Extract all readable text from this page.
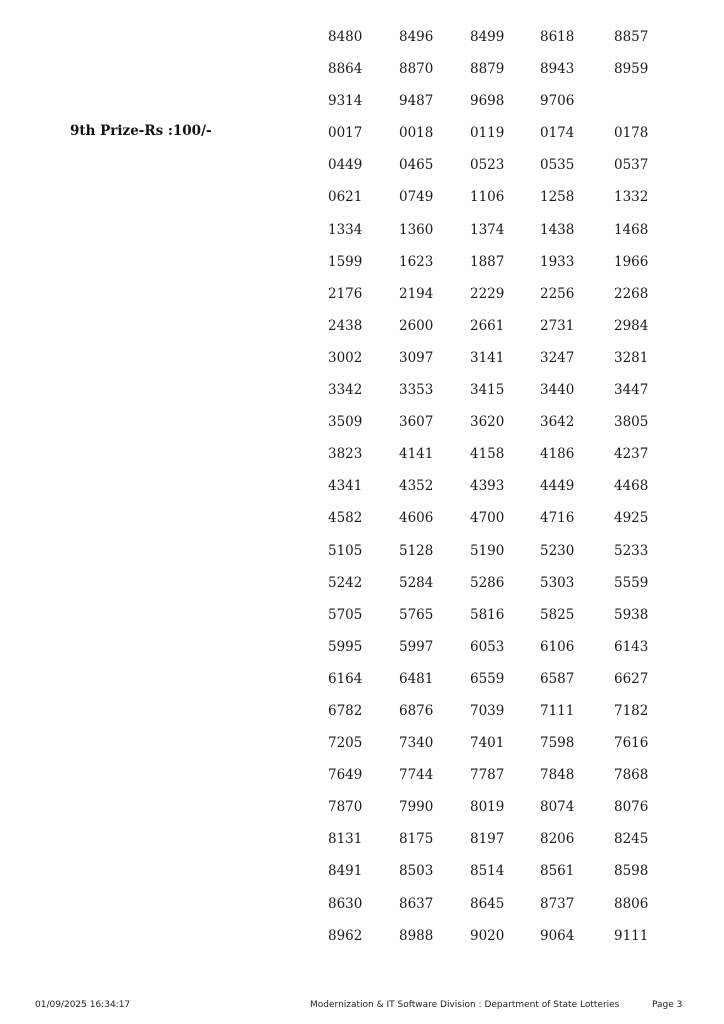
9th Prize-Rs :100/-
8480	8496	8499	8618	8857
8864	8870	8879	8943	8959
9314	9487	9698	9706
0017	0018	0119	0174	0178
0449	0465	0523	0535	0537
0621	0749	1106	1258	1332
1334	1360	1374	1438	1468
1599	1623	1887	1933	1966
2176	2194	2229	2256	2268
2438	2600	2661	2731	2984
3002	3097	3141	3247	3281
3342	3353	3415	3440	3447
3509	3607	3620	3642	3805
3823	4141	4158	4186	4237
4341	4352	4393	4449	4468
4582	4606	4700	4716	4925
5105	5128	5190	5230	5233
5242	5284	5286	5303	5559
5705	5765	5816	5825	5938
5995	5997	6053	6106	6143
6164	6481	6559	6587	6627
6782	6876	7039	7111	7182
7205	7340	7401	7598	7616
7649	7744	7787	7848	7868
7870	7990	8019	8074	8076
8131	8175	8197	8206	8245
8491	8503	8514	8561	8598
8630	8637	8645	8737	8806
8962	8988	9020	9064	9111
01/09/2025 16:34:17	Modernization & IT Software Division : Department of State Lotteries	Page 3
